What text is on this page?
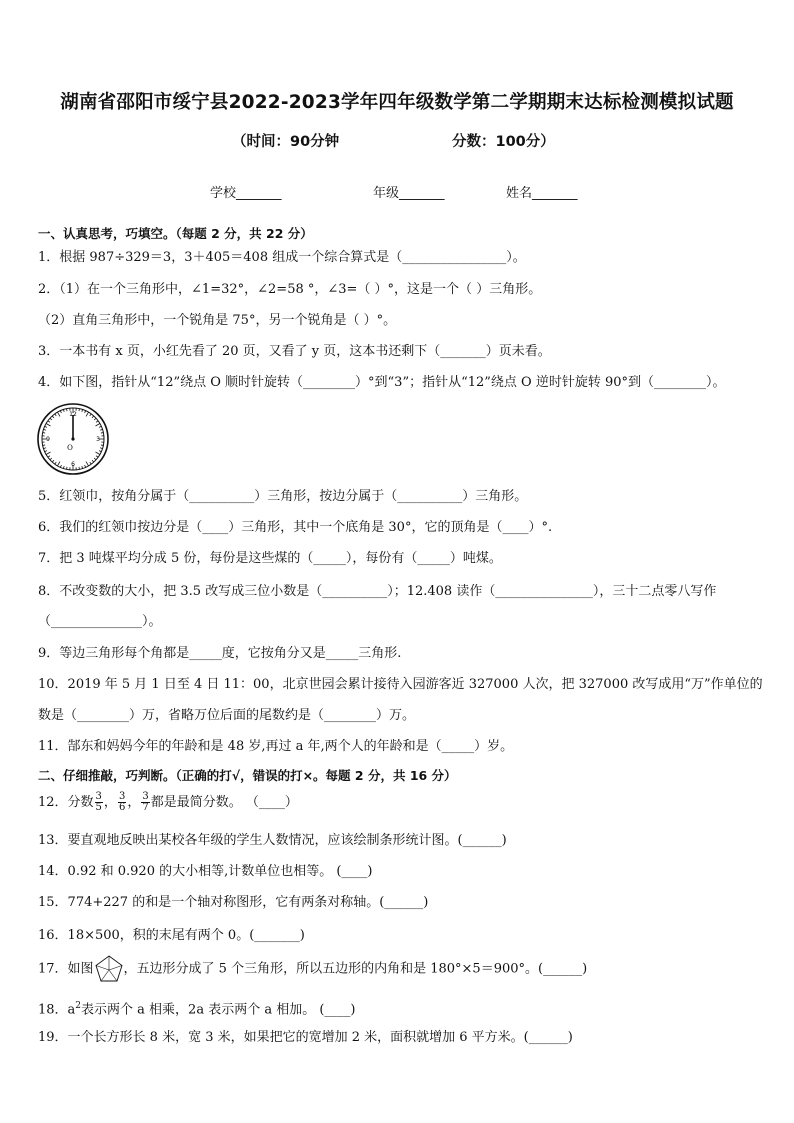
湖南省邵阳市绥宁县2022-2023学年四年级数学第二学期期末达标检测模拟试题
（时间：90分钟	分数：100分）
学校_______	年级_______	姓名_______
一、认真思考，巧填空。（每题 2 分，共 22 分）
1．根据 987÷329＝3，3＋405＝408 组成一个综合算式是（________________）。
2．（1）在一个三角形中，∠1=32°，∠2=58 °，∠3=（ ）°，这是一个（ ）三角形。
（2）直角三角形中，一个锐角是 75°，另一个锐角是（ ）°。
3．一本书有 x 页，小红先看了 20 页，又看了 y 页，这本书还剩下（_______）页未看。
4．如下图，指针从“12”绕点 O 顺时针旋转（________）°到“3”；指针从“12”绕点 O 逆时针旋转 90°到（________）。
12
3
6
9
O
5．红领巾，按角分属于（__________）三角形，按边分属于（__________）三角形。
6．我们的红领巾按边分是（____）三角形，其中一个底角是 30°，它的顶角是（____）°.
7．把 3 吨煤平均分成 5 份，每份是这些煤的（_____），每份有（_____）吨煤。
8．不改变数的大小，把 3.5 改写成三位小数是（__________）；12.408 读作（_______________），三十二点零八写作
（______________）。
9．等边三角形每个角都是_____度，它按角分又是_____三角形.
10．2019 年 5 月 1 日至 4 日 11：00，北京世园会累计接待入园游客近 327000 人次，把 327000 改写成用“万”作单位的
数是（________）万，省略万位后面的尾数约是（________）万。
11．郜东和妈妈今年的年龄和是 48 岁,再过 a 年,两个人的年龄和是（_____）岁。
二、仔细推敲，巧判断。（正确的打√，错误的打×。每题 2 分，共 16 分）
12．分数 $\frac{3}{5}$ ， $\frac{3}{6}$ ， $\frac{3}{7}$ 都是最简分数。 （____）
13．要直观地反映出某校各年级的学生人数情况，应该绘制条形统计图。(______)
14．0.92 和 0.920 的大小相等,计数单位也相等。 (____)
15．774+227 的和是一个轴对称图形，它有两条对称轴。(______)
16．18×500，积的末尾有两个 0。(_______)
17．如图 ，五边形分成了 5 个三角形，所以五边形的内角和是 180°×5＝900°。(______)
18．$a^2$表示两个 a 相乘，2a 表示两个 a 相加。 (____)
19．一个长方形长 8 米，宽 3 米，如果把它的宽增加 2 米，面积就增加 6 平方米。(______)
